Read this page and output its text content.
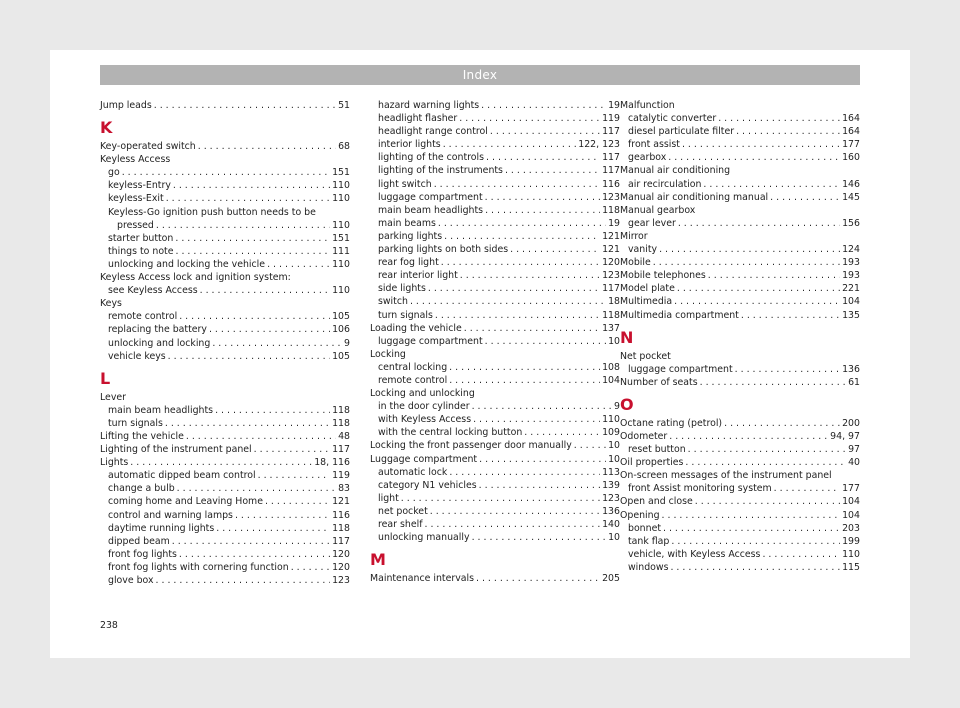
Index
Jump leads . . .	51
K
Key-operated switch . . .	68
Keyless Access
go . . .	151
keyless-Entry . . .	110
keyless-Exit . . .	110
Keyless-Go ignition push button needs to be
pressed . . .	110
starter button . . .	151
things to note . . .	111
unlocking and locking the vehicle . . .	110
Keyless Access lock and ignition system:
see Keyless Access . . .	110
Keys
remote control . . .	105
replacing the battery . . .	106
unlocking and locking . . .	9
vehicle keys . . .	105
L
Lever
main beam headlights . . .	118
turn signals . . .	118
Lifting the vehicle . . .	48
Lighting of the instrument panel . . .	117
Lights . . .	18, 116
automatic dipped beam control . . .	119
change a bulb . . .	83
coming home and Leaving Home . . .	121
control and warning lamps . . .	116
daytime running lights . . .	118
dipped beam . . .	117
front fog lights . . .	120
front fog lights with cornering function . . .	120
glove box . . .	123
hazard warning lights . . .	19
headlight flasher . . .	119
headlight range control . . .	117
interior lights . . .	122, 123
lighting of the controls . . .	117
lighting of the instruments . . .	117
light switch . . .	116
luggage compartment . . .	123
main beam headlights . . .	118
main beams . . .	19
parking lights . . .	121
parking lights on both sides . . .	121
rear fog light . . .	120
rear interior light . . .	123
side lights . . .	117
switch . . .	18
turn signals . . .	118
Loading the vehicle . . .	137
luggage compartment . . .	10
Locking
central locking . . .	108
remote control . . .	104
Locking and unlocking
in the door cylinder . . .	9
with Keyless Access . . .	110
with the central locking button . . .	109
Locking the front passenger door manually . . .	10
Luggage compartment . . .	10
automatic lock . . .	113
category N1 vehicles . . .	139
light . . .	123
net pocket . . .	136
rear shelf . . .	140
unlocking manually . . .	10
M
Maintenance intervals . . .	205
Malfunction
catalytic converter . . .	164
diesel particulate filter . . .	164
front assist . . .	177
gearbox . . .	160
Manual air conditioning
air recirculation . . .	146
Manual air conditioning manual . . .	145
Manual gearbox
gear lever . . .	156
Mirror
vanity . . .	124
Mobile . . .	193
Mobile telephones . . .	193
Model plate . . .	221
Multimedia . . .	104
Multimedia compartment . . .	135
N
Net pocket
luggage compartment . . .	136
Number of seats . . .	61
O
Octane rating (petrol) . . .	200
Odometer . . .	94, 97
reset button . . .	97
Oil properties . . .	40
On-screen messages of the instrument panel
front Assist monitoring system . . .	177
Open and close . . .	104
Opening . . .	104
bonnet . . .	203
tank flap . . .	199
vehicle, with Keyless Access . . .	110
windows . . .	115
238
